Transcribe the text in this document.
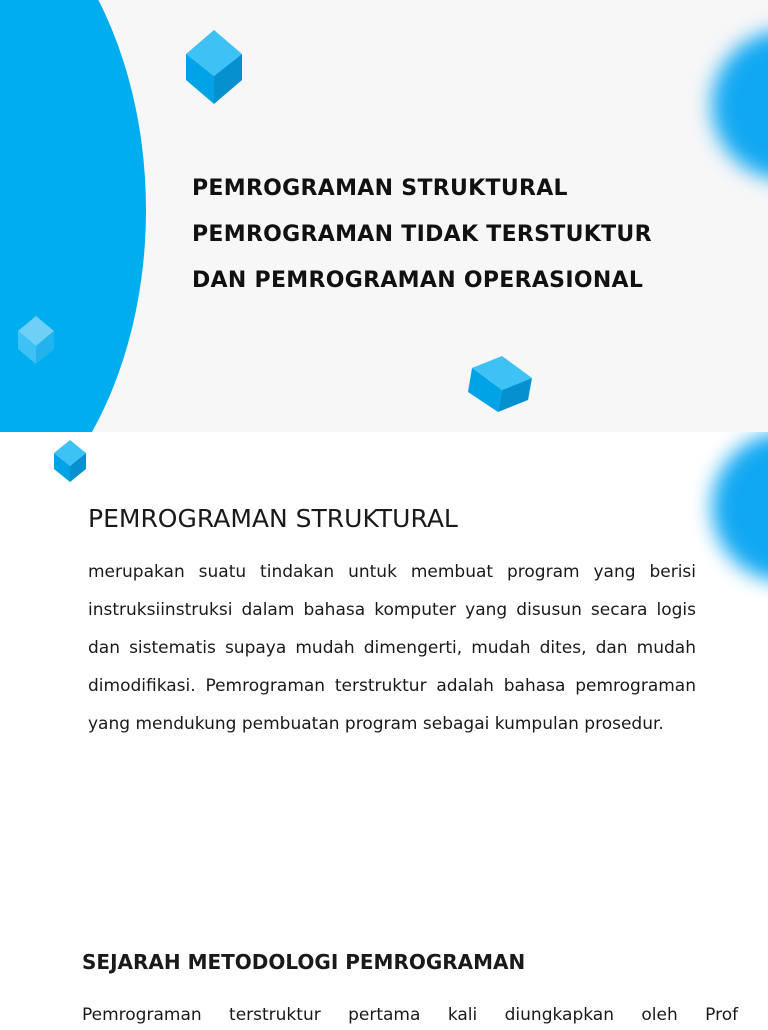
PEMROGRAMAN STRUKTURAL
PEMROGRAMAN TIDAK TERSTUKTUR
DAN PEMROGRAMAN OPERASIONAL
PEMROGRAMAN STRUKTURAL

merupakan suatu tindakan untuk membuat program yang berisi instruksiinstruksi dalam bahasa komputer yang disusun secara logis dan sistematis supaya mudah dimengerti, mudah dites, dan mudah dimodifikasi. Pemrograman terstruktur adalah bahasa pemrograman yang mendukung pembuatan program sebagai kumpulan prosedur.

SEJARAH METODOLOGI PEMROGRAMAN

Pemrograman terstruktur pertama kali diungkapkan oleh Prof
